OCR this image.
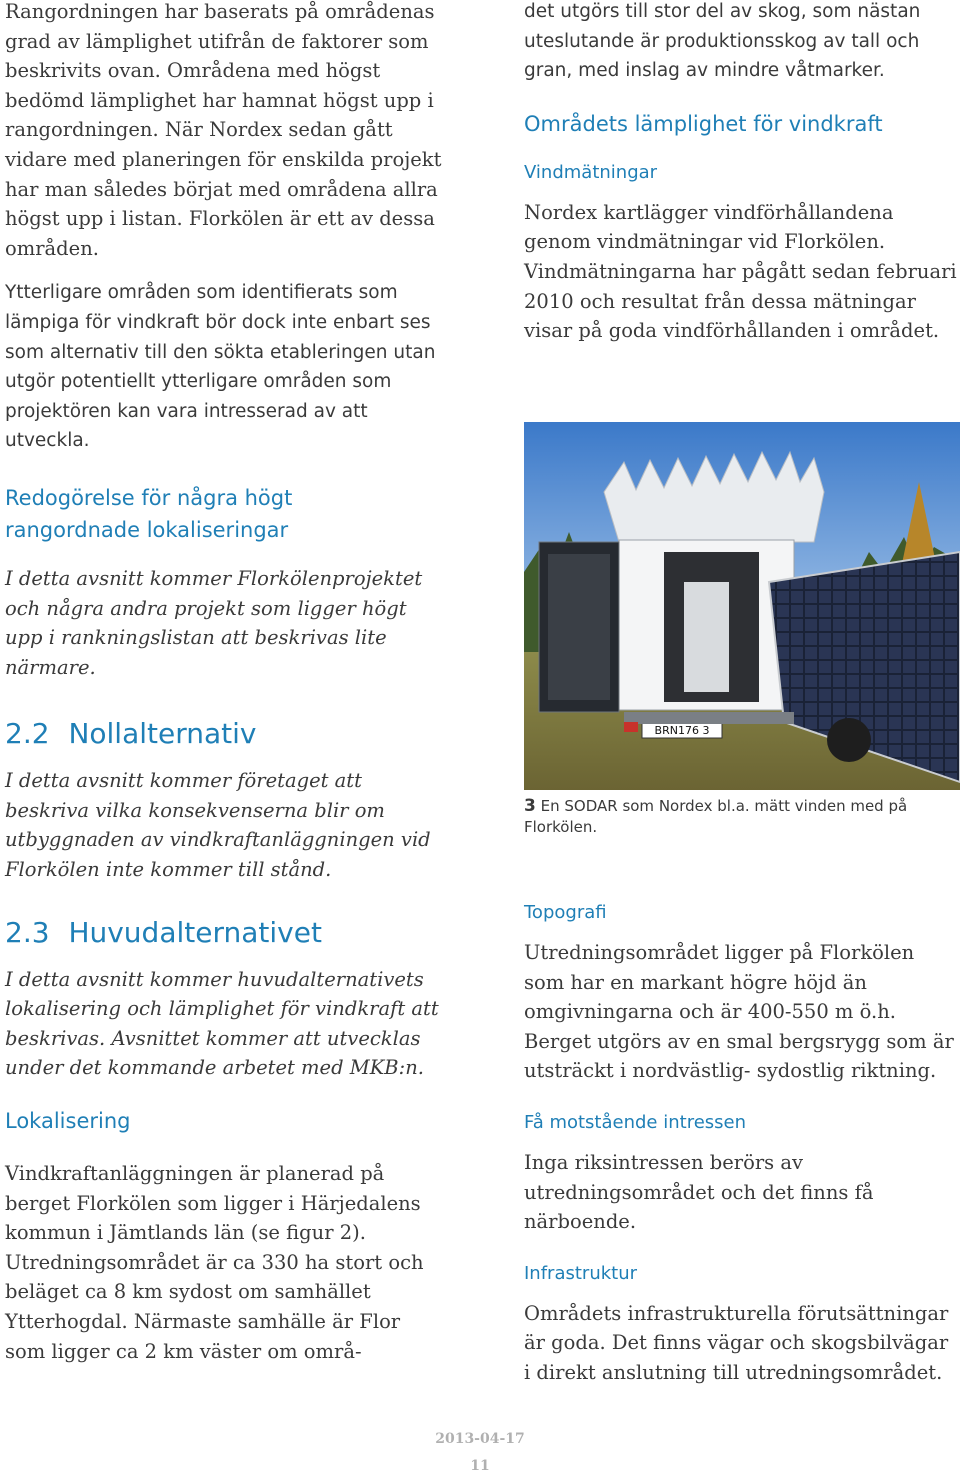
Rangordningen har baserats på områdenas grad av lämplighet utifrån de faktorer som beskrivits ovan. Områdena med högst bedömd lämplighet har hamnat högst upp i rangordningen. När Nordex sedan gått vidare med planeringen för enskilda projekt har man således börjat med områdena allra högst upp i listan. Florkölen är ett av dessa områden.

Ytterligare områden som identifierats som lämpiga för vindkraft bör dock inte enbart ses som alternativ till den sökta etableringen utan utgör potentiellt ytterligare områden som projektören kan vara intresserad av att utveckla.

Redogörelse för några högt
rangordnade lokaliseringar

I detta avsnitt kommer Florkölenprojektet och några andra projekt som ligger högt upp i rankningslistan att beskrivas lite närmare.

2.2 Nollalternativ

I detta avsnitt kommer företaget att beskriva vilka konsekvenserna blir om utbyggnaden av vindkraftanläggningen vid Florkölen inte kommer till stånd.

2.3 Huvudalternativet

I detta avsnitt kommer huvudalternativets lokalisering och lämplighet för vindkraft att beskrivas. Avsnittet kommer att utvecklas under det kommande arbetet med MKB:n.

Lokalisering

Vindkraftanläggningen är planerad på berget Florkölen som ligger i Härjedalens kommun i Jämtlands län (se figur 2). Utredningsområdet är ca 330 ha stort och beläget ca 8 km sydost om samhället Ytterhogdal. Närmaste samhälle är Flor som ligger ca 2 km väster om områ-

det utgörs till stor del av skog, som nästan uteslutande är produktionsskog av tall och gran, med inslag av mindre våtmarker.

Områdets lämplighet för vindkraft
Vindmätningar

Nordex kartlägger vindförhållandena genom vindmätningar vid Florkölen. Vindmätningarna har pågått sedan februari 2010 och resultat från dessa mätningar visar på goda vindförhållanden i området.

BRN176 3
3 En SODAR som Nordex bl.a. mätt vinden med på Florkölen.
Topografi

Utredningsområdet ligger på Florkölen som har en markant högre höjd än omgivningarna och är 400-550 m ö.h. Berget utgörs av en smal bergsrygg som är utsträckt i nordvästlig- sydostlig riktning.

Få motstående intressen

Inga riksintressen berörs av utredningsområdet och det finns få närboende.

Infrastruktur

Områdets infrastrukturella förutsättningar är goda. Det finns vägar och skogsbilvägar i direkt anslutning till utredningsområdet.

2013-04-17
11
